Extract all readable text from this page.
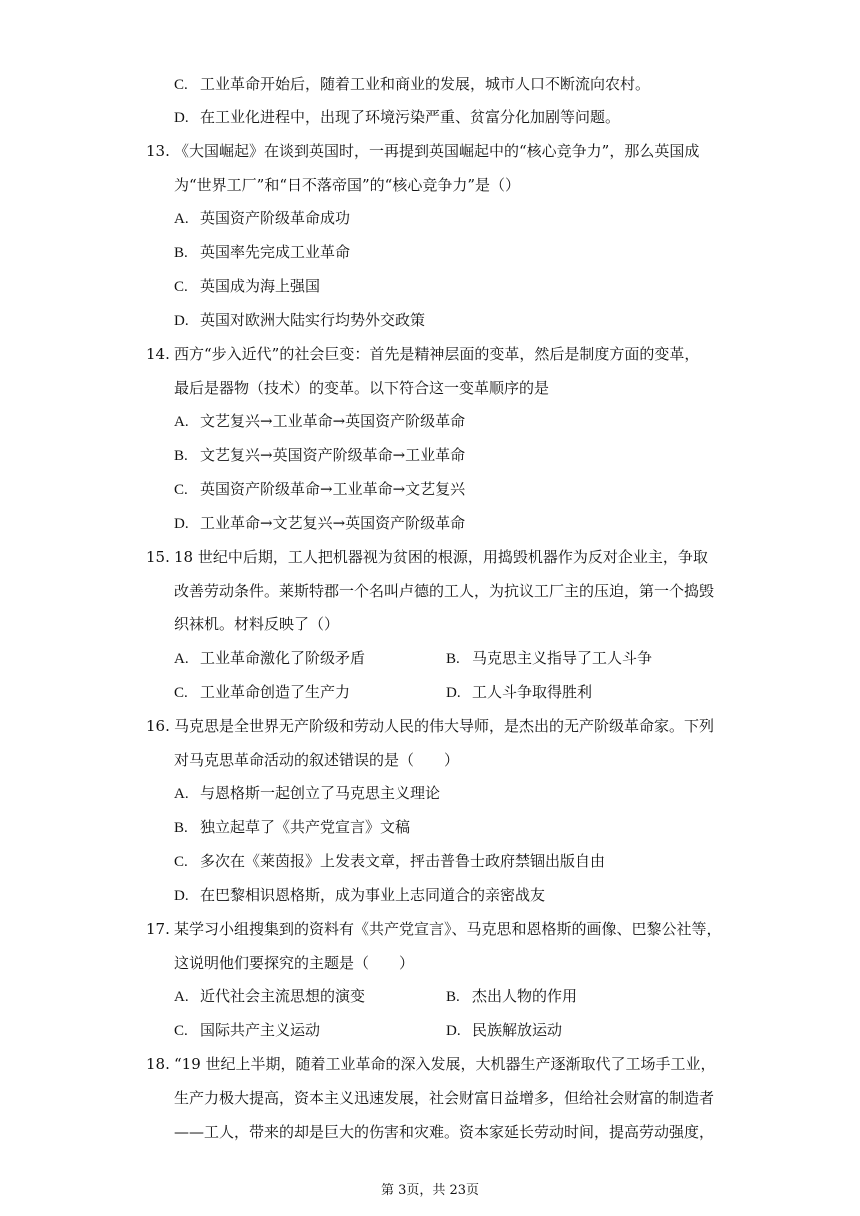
C. 工业革命开始后，随着工业和商业的发展，城市人口不断流向农村。
D. 在工业化进程中，出现了环境污染严重、贫富分化加剧等问题。
13. 《大国崛起》在谈到英国时，一再提到英国崛起中的“核心竞争力”，那么英国成
为“世界工厂”和“日不落帝国”的“核心竞争力”是（）
A. 英国资产阶级革命成功
B. 英国率先完成工业革命
C. 英国成为海上强国
D. 英国对欧洲大陆实行均势外交政策
14. 西方“步入近代”的社会巨变：首先是精神层面的变革，然后是制度方面的变革，
最后是器物（技术）的变革。以下符合这一变革顺序的是
A. 文艺复兴→工业革命→英国资产阶级革命
B. 文艺复兴→英国资产阶级革命→工业革命
C. 英国资产阶级革命→工业革命→文艺复兴
D. 工业革命→文艺复兴→英国资产阶级革命
15. 18 世纪中后期，工人把机器视为贫困的根源，用捣毁机器作为反对企业主，争取
改善劳动条件。莱斯特郡一个名叫卢德的工人，为抗议工厂主的压迫，第一个捣毁
织袜机。材料反映了（）
A. 工业革命激化了阶级矛盾	B. 马克思主义指导了工人斗争
C. 工业革命创造了生产力	D. 工人斗争取得胜利
16. 马克思是全世界无产阶级和劳动人民的伟大导师，是杰出的无产阶级革命家。下列
对马克思革命活动的叙述错误的是（　　）
A. 与恩格斯一起创立了马克思主义理论
B. 独立起草了《共产党宣言》文稿
C. 多次在《莱茵报》上发表文章，抨击普鲁士政府禁锢出版自由
D. 在巴黎相识恩格斯，成为事业上志同道合的亲密战友
17. 某学习小组搜集到的资料有《共产党宣言》、马克思和恩格斯的画像、巴黎公社等，
这说明他们要探究的主题是（　　）
A. 近代社会主流思想的演变	B. 杰出人物的作用
C. 国际共产主义运动	D. 民族解放运动
18. “19 世纪上半期，随着工业革命的深入发展，大机器生产逐渐取代了工场手工业，
生产力极大提高，资本主义迅速发展，社会财富日益增多，但给社会财富的制造者
——工人，带来的却是巨大的伤害和灾难。资本家延长劳动时间，提高劳动强度，
第 3页，共 23页
